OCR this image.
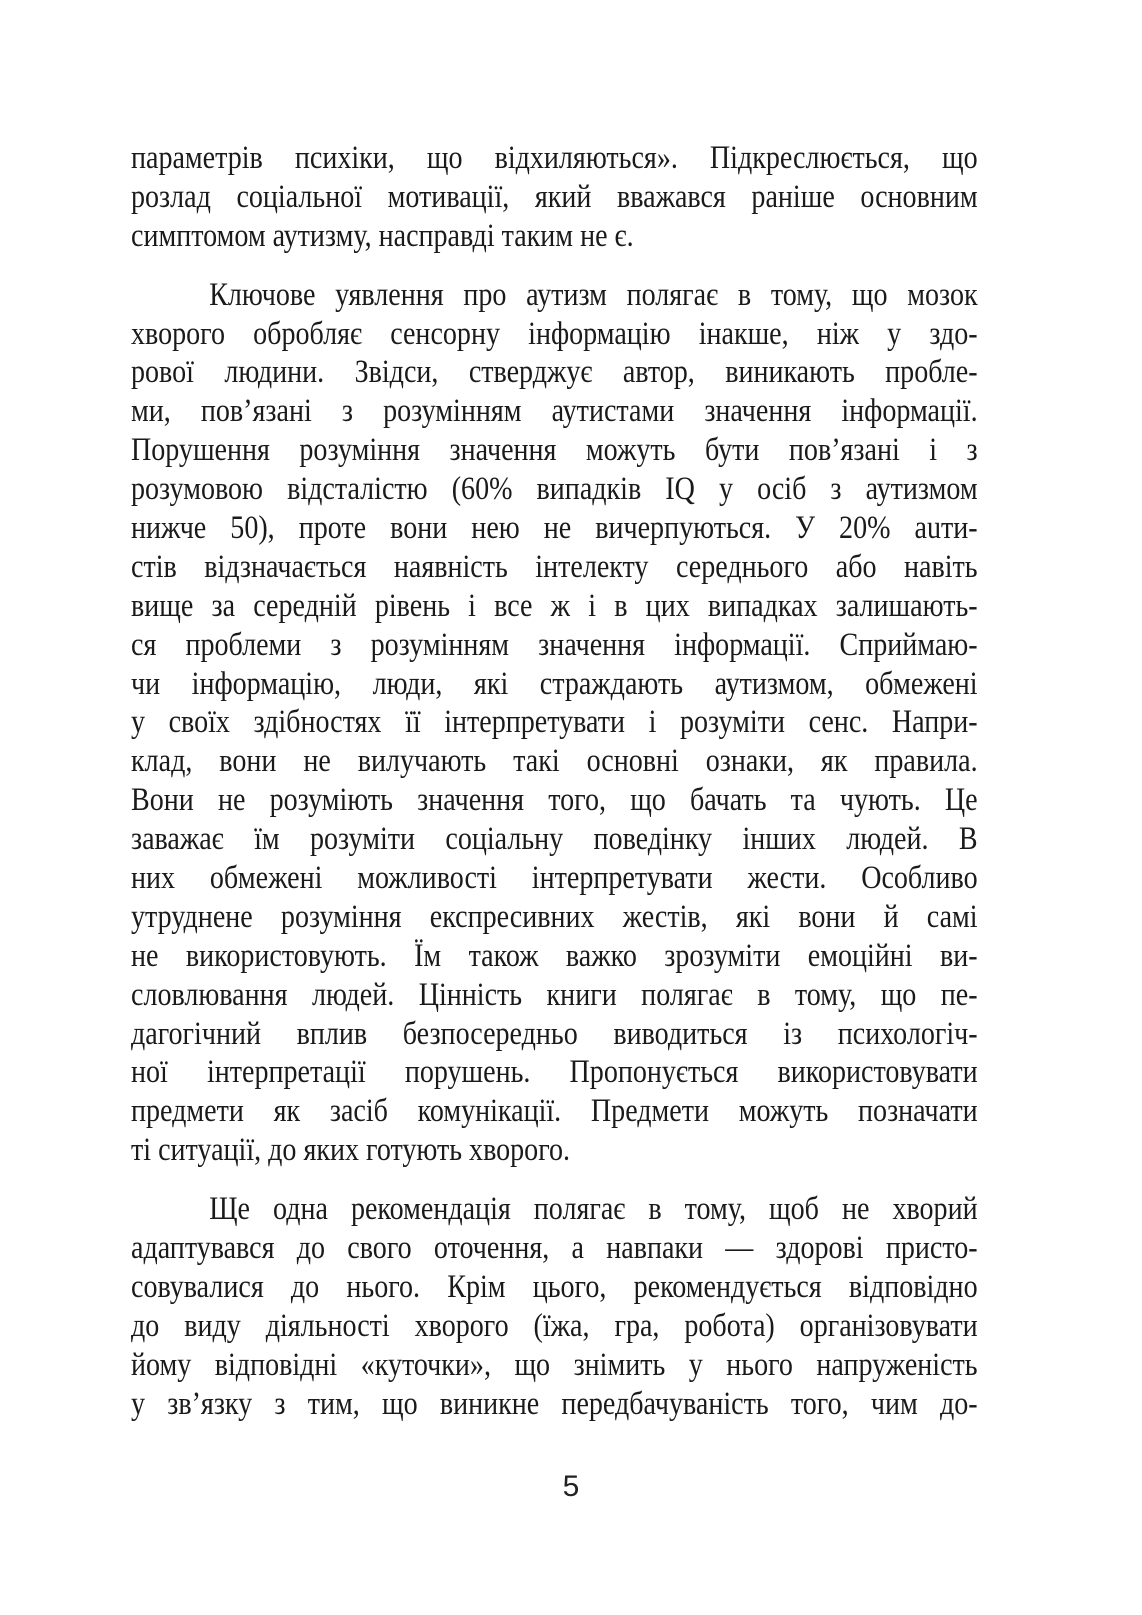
параметрів психіки, що відхиляються». Підкреслюється, що
розлад соціальної мотивації, який вважався раніше основним
симптомом аутизму, насправді таким не є.
Ключове уявлення про аутизм полягає в тому, що мозок
хворого обробляє сенсорну інформацію інакше, ніж у здо-
рової людини. Звідси, стверджує автор, виникають пробле-
ми, пов’язані з розумінням аутистами значення інформації.
Порушення розуміння значення можуть бути пов’язані і з
розумовою відсталістю (60% випадків IQ у осіб з аутизмом
нижче 50), проте вони нею не вичерпуються. У 20% auти-
стів відзначається наявність інтелекту середнього або навіть
вище за середній рівень і все ж і в цих випадках залишають-
ся проблеми з розумінням значення інформації. Сприймаю-
чи інформацію, люди, які страждають аутизмом, обмежені
у своїх здібностях її інтерпретувати і розуміти сенс. Напри-
клад, вони не вилучають такі основні ознаки, як правила.
Вони не розуміють значення того, що бачать та чують. Це
заважає їм розуміти соціальну поведінку інших людей. В
них обмежені можливості інтерпретувати жести. Особливо
утруднене розуміння експресивних жестів, які вони й самі
не використовують. Їм також важко зрозуміти емоційні ви-
словлювання людей. Цінність книги полягає в тому, що пе-
дагогічний вплив безпосередньо виводиться із психологіч-
ної інтерпретації порушень. Пропонується використовувати
предмети як засіб комунікації. Предмети можуть позначати
ті ситуації, до яких готують хворого.
Ще одна рекомендація полягає в тому, щоб не хворий
адаптувався до свого оточення, а навпаки — здорові присто-
совувалися до нього. Крім цього, рекомендується відповідно
до виду діяльності хворого (їжа, гра, робота) організовувати
йому відповідні «куточки», що знімить у нього напруженість
у зв’язку з тим, що виникне передбачуваність того, чим до-
5
